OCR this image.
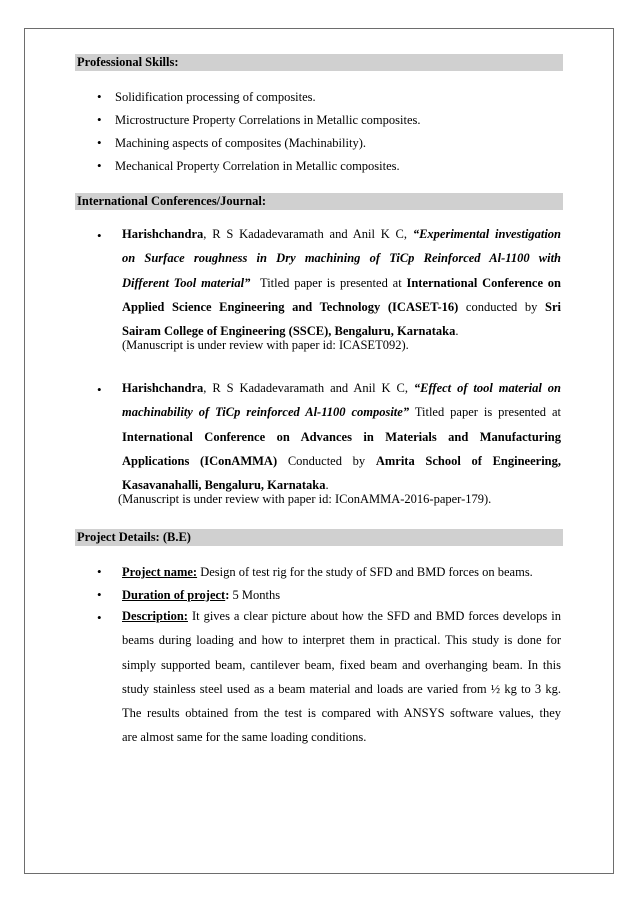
Professional Skills:
• Solidification processing of composites.
• Microstructure Property Correlations in Metallic composites.
• Machining aspects of composites (Machinability).
• Mechanical Property Correlation in Metallic composites.
International Conferences/Journal:
• Harishchandra, R S Kadadevaramath and Anil K C, “Experimental investigation
on Surface roughness in Dry machining of TiCp Reinforced Al-1100 with
Different Tool material” Titled paper is presented at International Conference on
Applied Science Engineering and Technology (ICASET-16) conducted by Sri
Sairam College of Engineering (SSCE), Bengaluru, Karnataka.
(Manuscript is under review with paper id: ICASET092).
• Harishchandra, R S Kadadevaramath and Anil K C, “Effect of tool material on
machinability of TiCp reinforced Al-1100 composite” Titled paper is presented at
International Conference on Advances in Materials and Manufacturing
Applications (IConAMMA) Conducted by Amrita School of Engineering,
Kasavanahalli, Bengaluru, Karnataka.
(Manuscript is under review with paper id: IConAMMA-2016-paper-179).
Project Details: (B.E)
• Project name: Design of test rig for the study of SFD and BMD forces on beams.
• Duration of project: 5 Months
• Description: It gives a clear picture about how the SFD and BMD forces develops in
beams during loading and how to interpret them in practical. This study is done for
simply supported beam, cantilever beam, fixed beam and overhanging beam. In this
study stainless steel used as a beam material and loads are varied from ½ kg to 3 kg.
The results obtained from the test is compared with ANSYS software values, they
are almost same for the same loading conditions.
